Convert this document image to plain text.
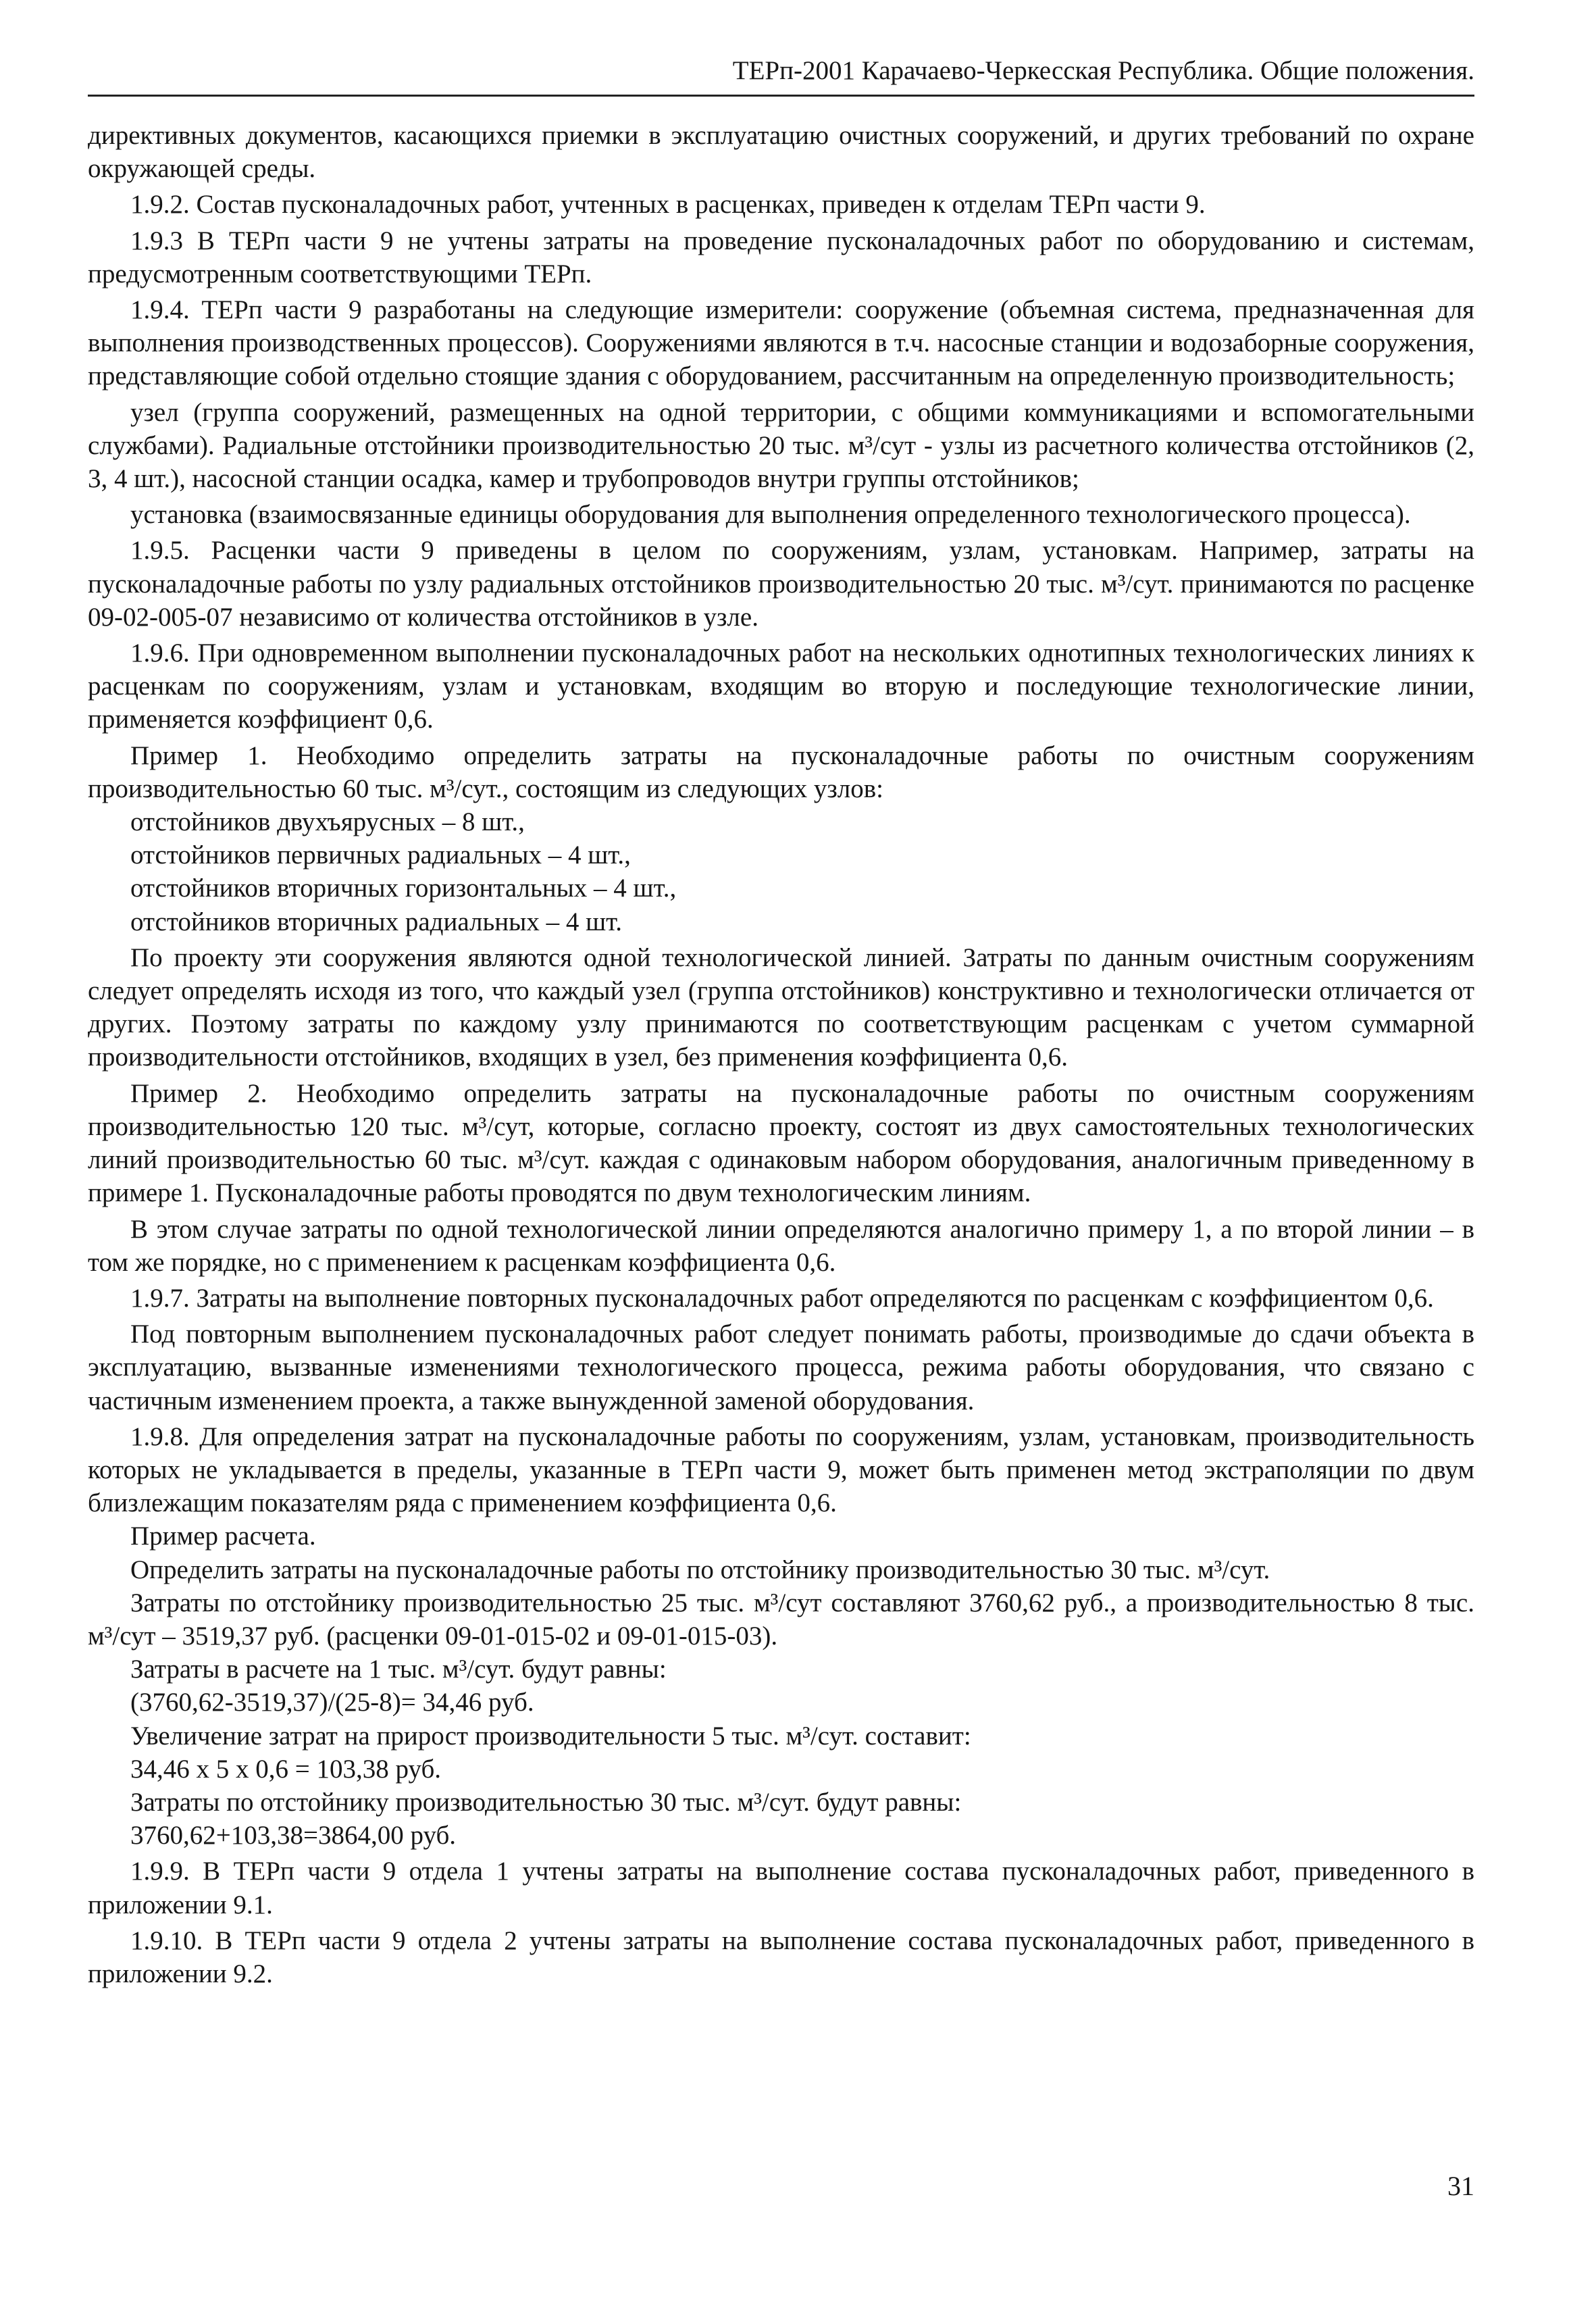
ТЕРп-2001 Карачаево-Черкесская Республика. Общие положения.

директивных документов, касающихся приемки в эксплуатацию очистных сооружений, и других требований по охране окружающей среды.

1.9.2. Состав пусконаладочных работ, учтенных в расценках, приведен к отделам ТЕРп части 9.

1.9.3 В ТЕРп части 9 не учтены затраты на проведение пусконаладочных работ по оборудованию и системам, предусмотренным соответствующими ТЕРп.

1.9.4. ТЕРп части 9 разработаны на следующие измерители: сооружение (объемная система, предназначенная для выполнения производственных процессов). Сооружениями являются в т.ч. насосные станции и водозаборные сооружения, представляющие собой отдельно стоящие здания с оборудованием, рассчитанным на определенную производительность;

узел (группа сооружений, размещенных на одной территории, с общими коммуникациями и вспомогательными службами). Радиальные отстойники производительностью 20 тыс. м³/сут - узлы из расчетного количества отстойников (2, 3, 4 шт.), насосной станции осадка, камер и трубопроводов внутри группы отстойников;

установка (взаимосвязанные единицы оборудования для выполнения определенного технологического процесса).

1.9.5. Расценки части 9 приведены в целом по сооружениям, узлам, установкам. Например, затраты на пусконаладочные работы по узлу радиальных отстойников производительностью 20 тыс. м³/сут. принимаются по расценке 09-02-005-07 независимо от количества отстойников в узле.

1.9.6. При одновременном выполнении пусконаладочных работ на нескольких однотипных технологических линиях к расценкам по сооружениям, узлам и установкам, входящим во вторую и последующие технологические линии, применяется коэффициент 0,6.

Пример 1. Необходимо определить затраты на пусконаладочные работы по очистным сооружениям производительностью 60 тыс. м³/сут., состоящим из следующих узлов:

отстойников двухъярусных – 8 шт.,

отстойников первичных радиальных – 4 шт.,

отстойников вторичных горизонтальных – 4 шт.,

отстойников вторичных радиальных – 4 шт.

По проекту эти сооружения являются одной технологической линией. Затраты по данным очистным сооружениям следует определять исходя из того, что каждый узел (группа отстойников) конструктивно и технологически отличается от других. Поэтому затраты по каждому узлу принимаются по соответствующим расценкам с учетом суммарной производительности отстойников, входящих в узел, без применения коэффициента 0,6.

Пример 2. Необходимо определить затраты на пусконаладочные работы по очистным сооружениям производительностью 120 тыс. м³/сут, которые, согласно проекту, состоят из двух самостоятельных технологических линий производительностью 60 тыс. м³/сут. каждая с одинаковым набором оборудования, аналогичным приведенному в примере 1. Пусконаладочные работы проводятся по двум технологическим линиям.

В этом случае затраты по одной технологической линии определяются аналогично примеру 1, а по второй линии – в том же порядке, но с применением к расценкам коэффициента 0,6.

1.9.7. Затраты на выполнение повторных пусконаладочных работ определяются по расценкам с коэффициентом 0,6.

Под повторным выполнением пусконаладочных работ следует понимать работы, производимые до сдачи объекта в эксплуатацию, вызванные изменениями технологического процесса, режима работы оборудования, что связано с частичным изменением проекта, а также вынужденной заменой оборудования.

1.9.8. Для определения затрат на пусконаладочные работы по сооружениям, узлам, установкам, производительность которых не укладывается в пределы, указанные в ТЕРп части 9, может быть применен метод экстраполяции по двум близлежащим показателям ряда с применением коэффициента 0,6.

Пример расчета.

Определить затраты на пусконаладочные работы по отстойнику производительностью 30 тыс. м³/сут.

Затраты по отстойнику производительностью 25 тыс. м³/сут составляют 3760,62 руб., а производительностью 8 тыс. м³/сут – 3519,37 руб. (расценки 09-01-015-02 и 09-01-015-03).

Затраты в расчете на 1 тыс. м³/сут. будут равны:

(3760,62-3519,37)/(25-8)= 34,46 руб.

Увеличение затрат на прирост производительности 5 тыс. м³/сут. составит:

34,46 х 5 х 0,6 = 103,38 руб.

Затраты по отстойнику производительностью 30 тыс. м³/сут. будут равны:

3760,62+103,38=3864,00 руб.

1.9.9. В ТЕРп части 9 отдела 1 учтены затраты на выполнение состава пусконаладочных работ, приведенного в приложении 9.1.

1.9.10. В ТЕРп части 9 отдела 2 учтены затраты на выполнение состава пусконаладочных работ, приведенного в приложении 9.2.

31
